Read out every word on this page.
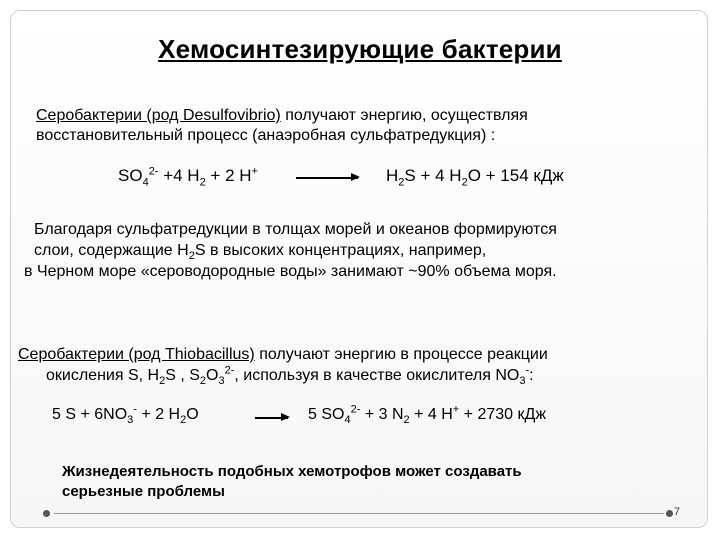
Хемосинтезирующие бактерии
Серобактерии (род Desulfovibrio) получают энергию, осуществляя
восстановительный процесс (анаэробная сульфатредукция) :
$SO_4^{2-} +4$ $H_2 + 2$ H+	$H_2S + 4$ $H_2O + 154$ кДж
Благодаря сульфатредукции в толщах морей и океанов формируются
слои, содержащие $H_2S$ в высоких концентрациях, например,
в Черном море «сероводородные воды» занимают ~90% объема моря.
Серобактерии (род Thiobacillus) получают энергию в процессе реакции
окисления S, $H_2S$ , $S_2O_3^{2-}$, используя в качестве окислителя $NO_3^-$:
5 $S + 6NO_3^- + 2$ $H_2O$	→ 5 $SO_4^{2-} + 3$ $N_2 + 4$ H+ + 2730 кДж
Жизнедеятельность подобных хемотрофов может создавать
серьезные проблемы
7
